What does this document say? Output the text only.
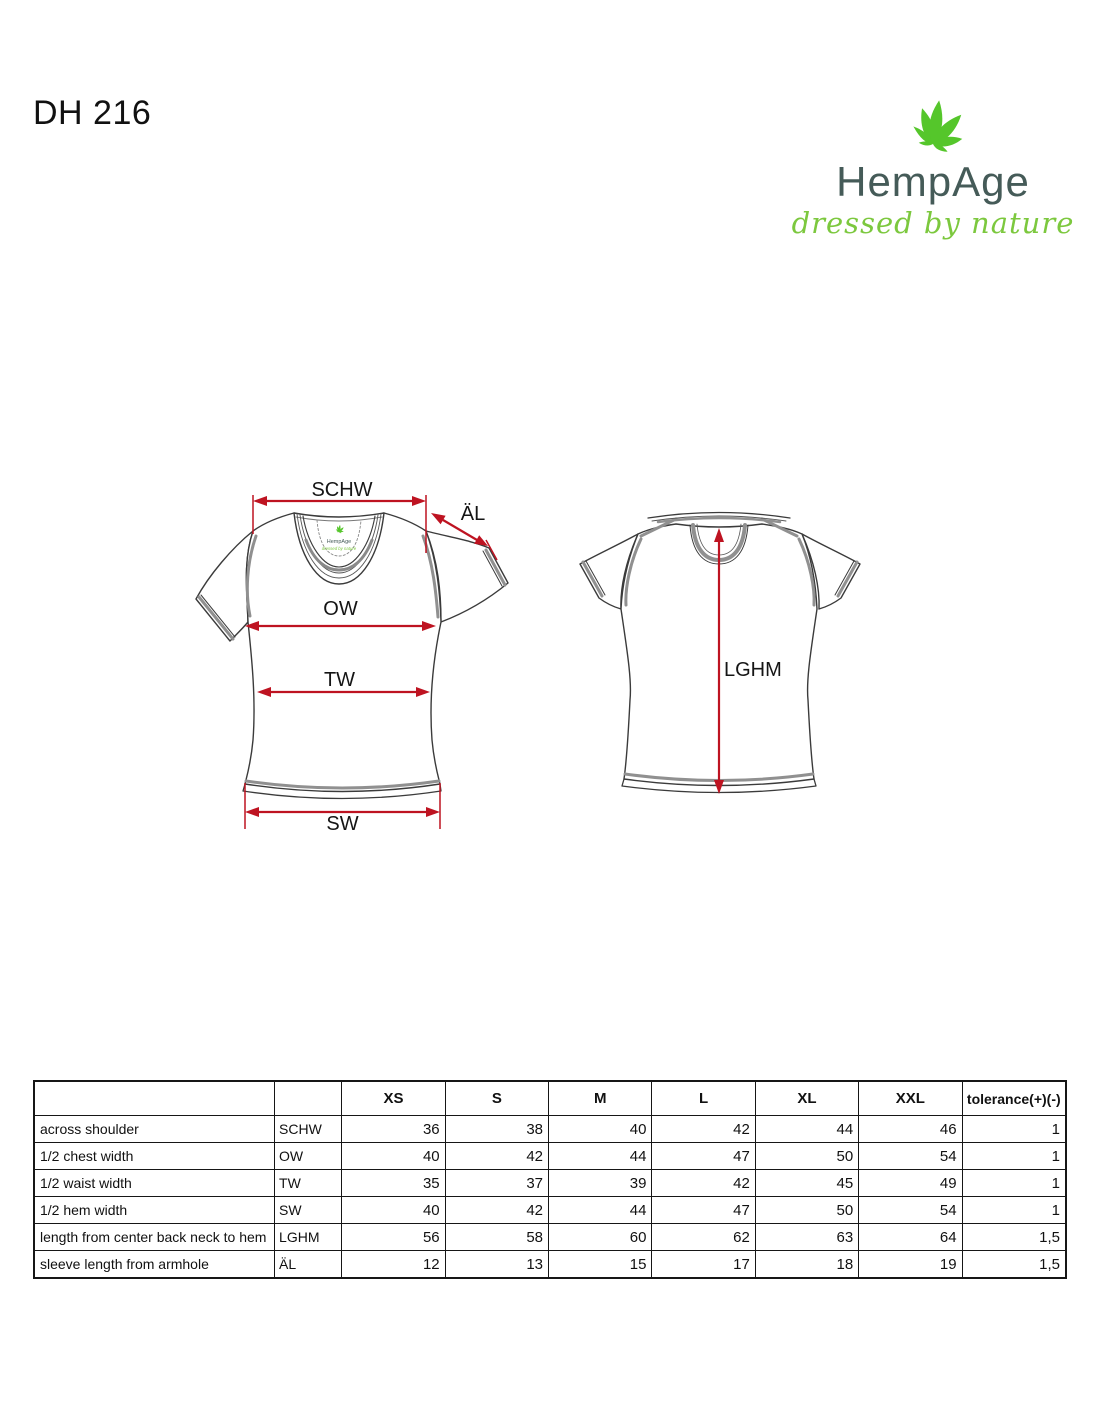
HempAge
dressed by nature
DH 216
HempAge
dressed by nature
SCHW
ÄL
OW
TW
SW
LGHM
		XS	S	M	L	XL	XXL	tolerance(+)(-)
across shoulder	SCHW	36	38	40	42	44	46	1
1/2 chest width	OW	40	42	44	47	50	54	1
1/2 waist width	TW	35	37	39	42	45	49	1
1/2 hem width	SW	40	42	44	47	50	54	1
length from center back neck to hem	LGHM	56	58	60	62	63	64	1,5
sleeve length from armhole	ÄL	12	13	15	17	18	19	1,5
